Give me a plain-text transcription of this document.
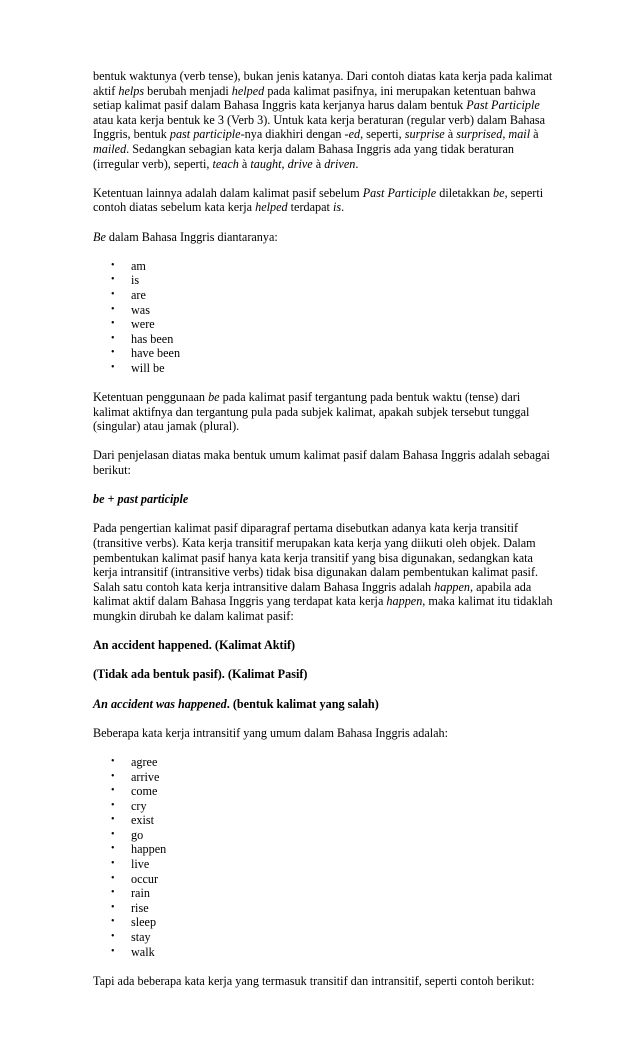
bentuk waktunya (verb tense), bukan jenis katanya. Dari contoh diatas kata kerja pada kalimat aktif helps berubah menjadi helped pada kalimat pasifnya, ini merupakan ketentuan bahwa setiap kalimat pasif dalam Bahasa Inggris kata kerjanya harus dalam bentuk Past Participle atau kata kerja bentuk ke 3 (Verb 3). Untuk kata kerja beraturan (regular verb) dalam Bahasa Inggris, bentuk past participle-nya diakhiri dengan -ed, seperti, surprise à surprised, mail à mailed. Sedangkan sebagian kata kerja dalam Bahasa Inggris ada yang tidak beraturan (irregular verb), seperti, teach à taught, drive à driven.

Ketentuan lainnya adalah dalam kalimat pasif sebelum Past Participle diletakkan be, seperti contoh diatas sebelum kata kerja helped terdapat is.

Be dalam Bahasa Inggris diantaranya:

• am
• is
• are
• was
• were
• has been
• have been
• will be

Ketentuan penggunaan be pada kalimat pasif tergantung pada bentuk waktu (tense) dari kalimat aktifnya dan tergantung pula pada subjek kalimat, apakah subjek tersebut tunggal (singular) atau jamak (plural).

Dari penjelasan diatas maka bentuk umum kalimat pasif dalam Bahasa Inggris adalah sebagai berikut:

be + past participle

Pada pengertian kalimat pasif diparagraf pertama disebutkan adanya kata kerja transitif (transitive verbs). Kata kerja transitif merupakan kata kerja yang diikuti oleh objek. Dalam pembentukan kalimat pasif hanya kata kerja transitif yang bisa digunakan, sedangkan kata kerja intransitif (intransitive verbs) tidak bisa digunakan dalam pembentukan kalimat pasif. Salah satu contoh kata kerja intransitive dalam Bahasa Inggris adalah happen, apabila ada kalimat aktif dalam Bahasa Inggris yang terdapat kata kerja happen, maka kalimat itu tidaklah mungkin dirubah ke dalam kalimat pasif:

An accident happened. (Kalimat Aktif)

(Tidak ada bentuk pasif). (Kalimat Pasif)

An accident was happened. (bentuk kalimat yang salah)

Beberapa kata kerja intransitif yang umum dalam Bahasa Inggris adalah:

• agree
• arrive
• come
• cry
• exist
• go
• happen
• live
• occur
• rain
• rise
• sleep
• stay
• walk

Tapi ada beberapa kata kerja yang termasuk transitif dan intransitif, seperti contoh berikut:
